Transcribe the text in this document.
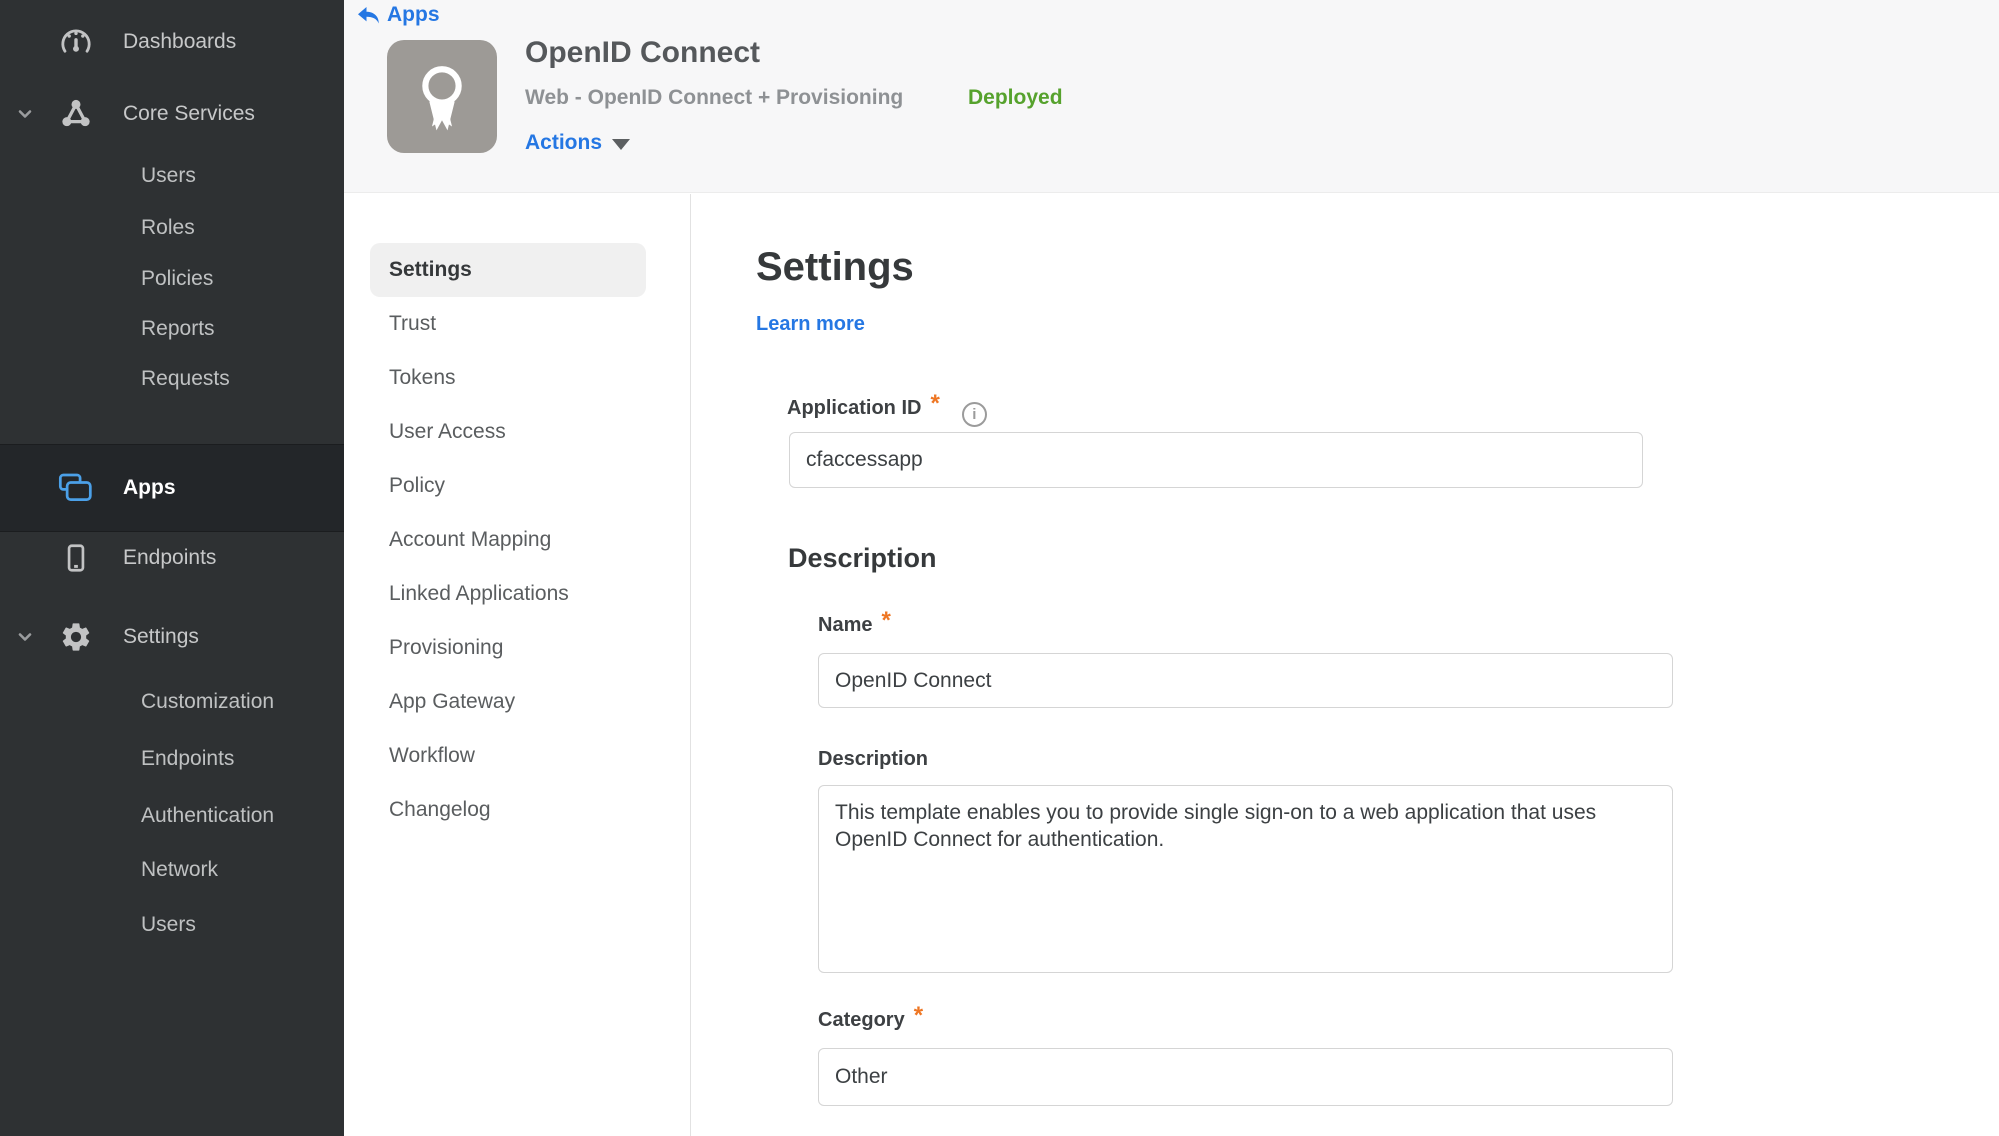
Dashboards
Core Services
Users
Roles
Policies
Reports
Requests
Apps
Endpoints
Settings
Customization
Endpoints
Authentication
Network
Users
Apps
OpenID Connect
Web - OpenID Connect + Provisioning	Deployed
Actions
Settings
Trust
Tokens
User Access
Policy
Account Mapping
Linked Applications
Provisioning
App Gateway
Workflow
Changelog
Settings
Learn more
Application ID * i
cfaccessapp
Description
Name *
OpenID Connect
Description
This template enables you to provide single sign-on to a web application that uses OpenID Connect for authentication.
Category *
Other
